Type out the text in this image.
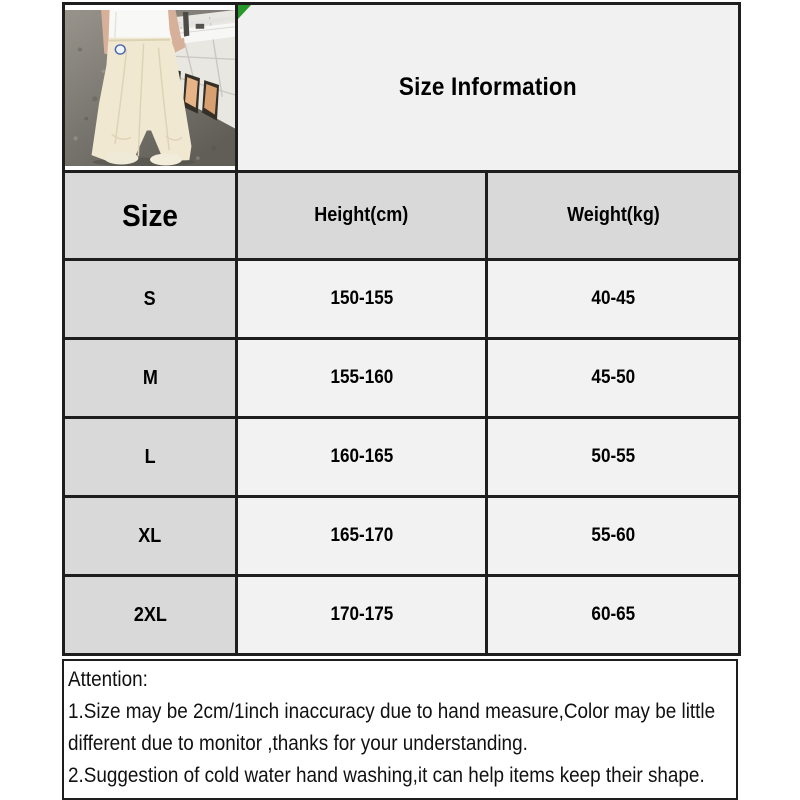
Size Information	
Size	Height(cm)	Weight(kg)
S	150-155	40-45
M	155-160	45-50
L	160-165	50-55
XL	165-170	55-60
2XL	170-175	60-65
Attention:
1.Size may be 2cm/1inch inaccuracy due to hand measure,Color may be little
different due to monitor ,thanks for your understanding.
2.Suggestion of cold water hand washing,it can help items keep their shape.
